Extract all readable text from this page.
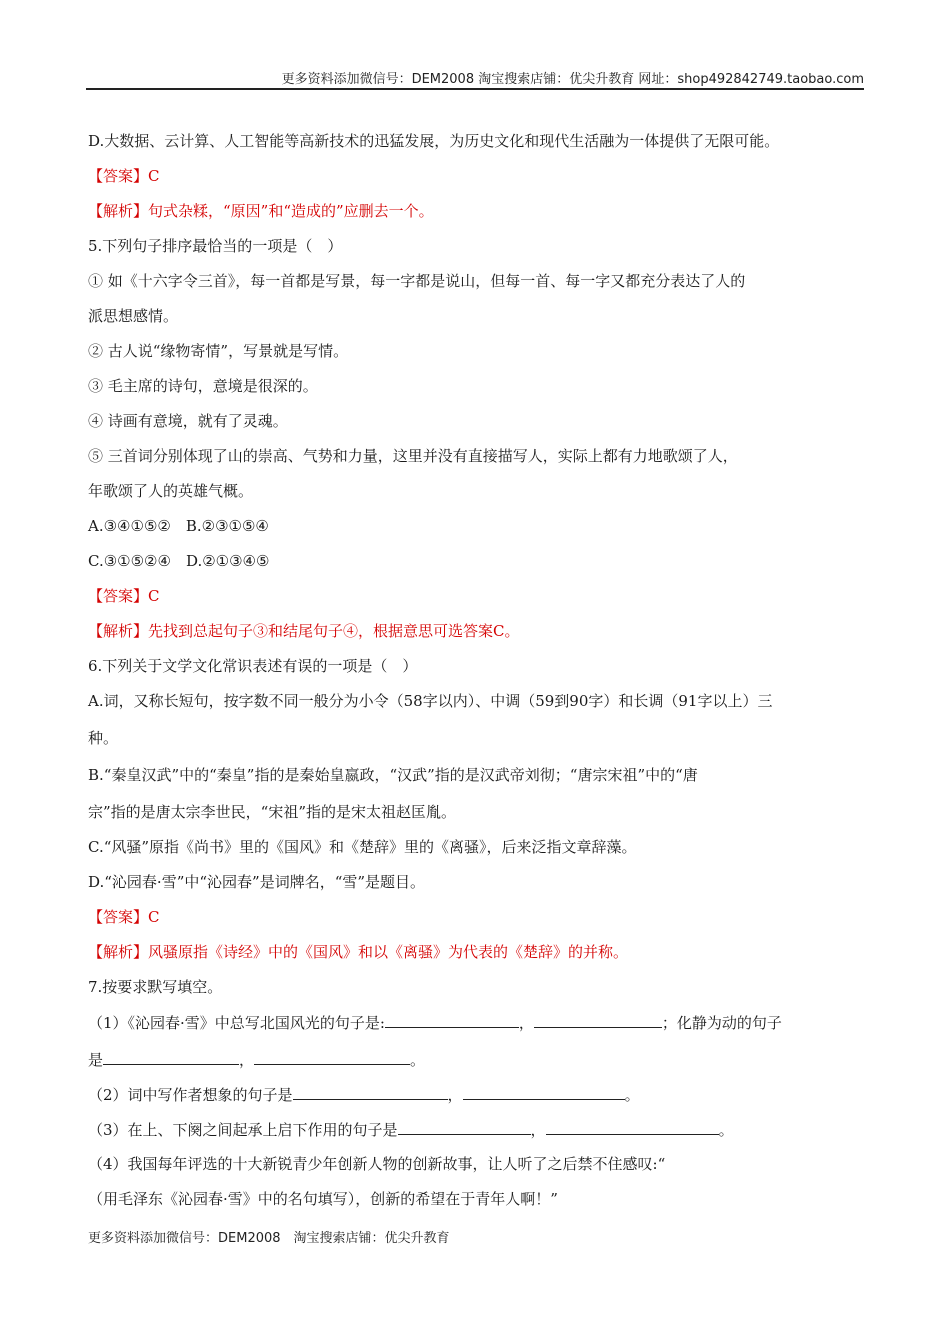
更多资料添加微信号：DEM2008 淘宝搜索店铺：优尖升教育 网址：shop492842749.taobao.com
D.大数据、云计算、人工智能等高新技术的迅猛发展，为历史文化和现代生活融为一体提供了无限可能。
【答案】C
【解析】句式杂糅，“原因”和“造成的”应删去一个。
5.下列句子排序最恰当的一项是（　）
① 如《十六字令三首》，每一首都是写景，每一字都是说山，但每一首、每一字又都充分表达了人的
派思想感情。
② 古人说“缘物寄情”，写景就是写情。
③ 毛主席的诗句，意境是很深的。
④ 诗画有意境，就有了灵魂。
⑤ 三首词分别体现了山的崇高、气势和力量，这里并没有直接描写人，实际上都有力地歌颂了人，
年歌颂了人的英雄气概。
A.③④①⑤②　B.②③①⑤④
C.③①⑤②④　D.②①③④⑤
【答案】C
【解析】先找到总起句子③和结尾句子④，根据意思可选答案C。
6.下列关于文学文化常识表述有误的一项是（　）
A.词，又称长短句，按字数不同一般分为小令（58字以内）、中调（59到90字）和长调（91字以上）三
种。
B.“秦皇汉武”中的“秦皇”指的是秦始皇嬴政，“汉武”指的是汉武帝刘彻；“唐宗宋祖”中的“唐
宗”指的是唐太宗李世民，“宋祖”指的是宋太祖赵匡胤。
C.“风骚”原指《尚书》里的《国风》和《楚辞》里的《离骚》，后来泛指文章辞藻。
D.“沁园春·雪”中“沁园春”是词牌名，“雪”是题目。
【答案】C
【解析】风骚原指《诗经》中的《国风》和以《离骚》为代表的《楚辞》的并称。
7.按要求默写填空。
（1）《沁园春·雪》中总写北国风光的句子是:	，	；化静为动的句子
是	，	。
（2）词中写作者想象的句子是	，	。
（3）在上、下阕之间起承上启下作用的句子是	，	。
（4）我国每年评选的十大新锐青少年创新人物的创新故事，让人听了之后禁不住感叹:“
（用毛泽东《沁园春·雪》中的名句填写），创新的希望在于青年人啊！”
更多资料添加微信号：DEM2008　淘宝搜索店铺：优尖升教育
